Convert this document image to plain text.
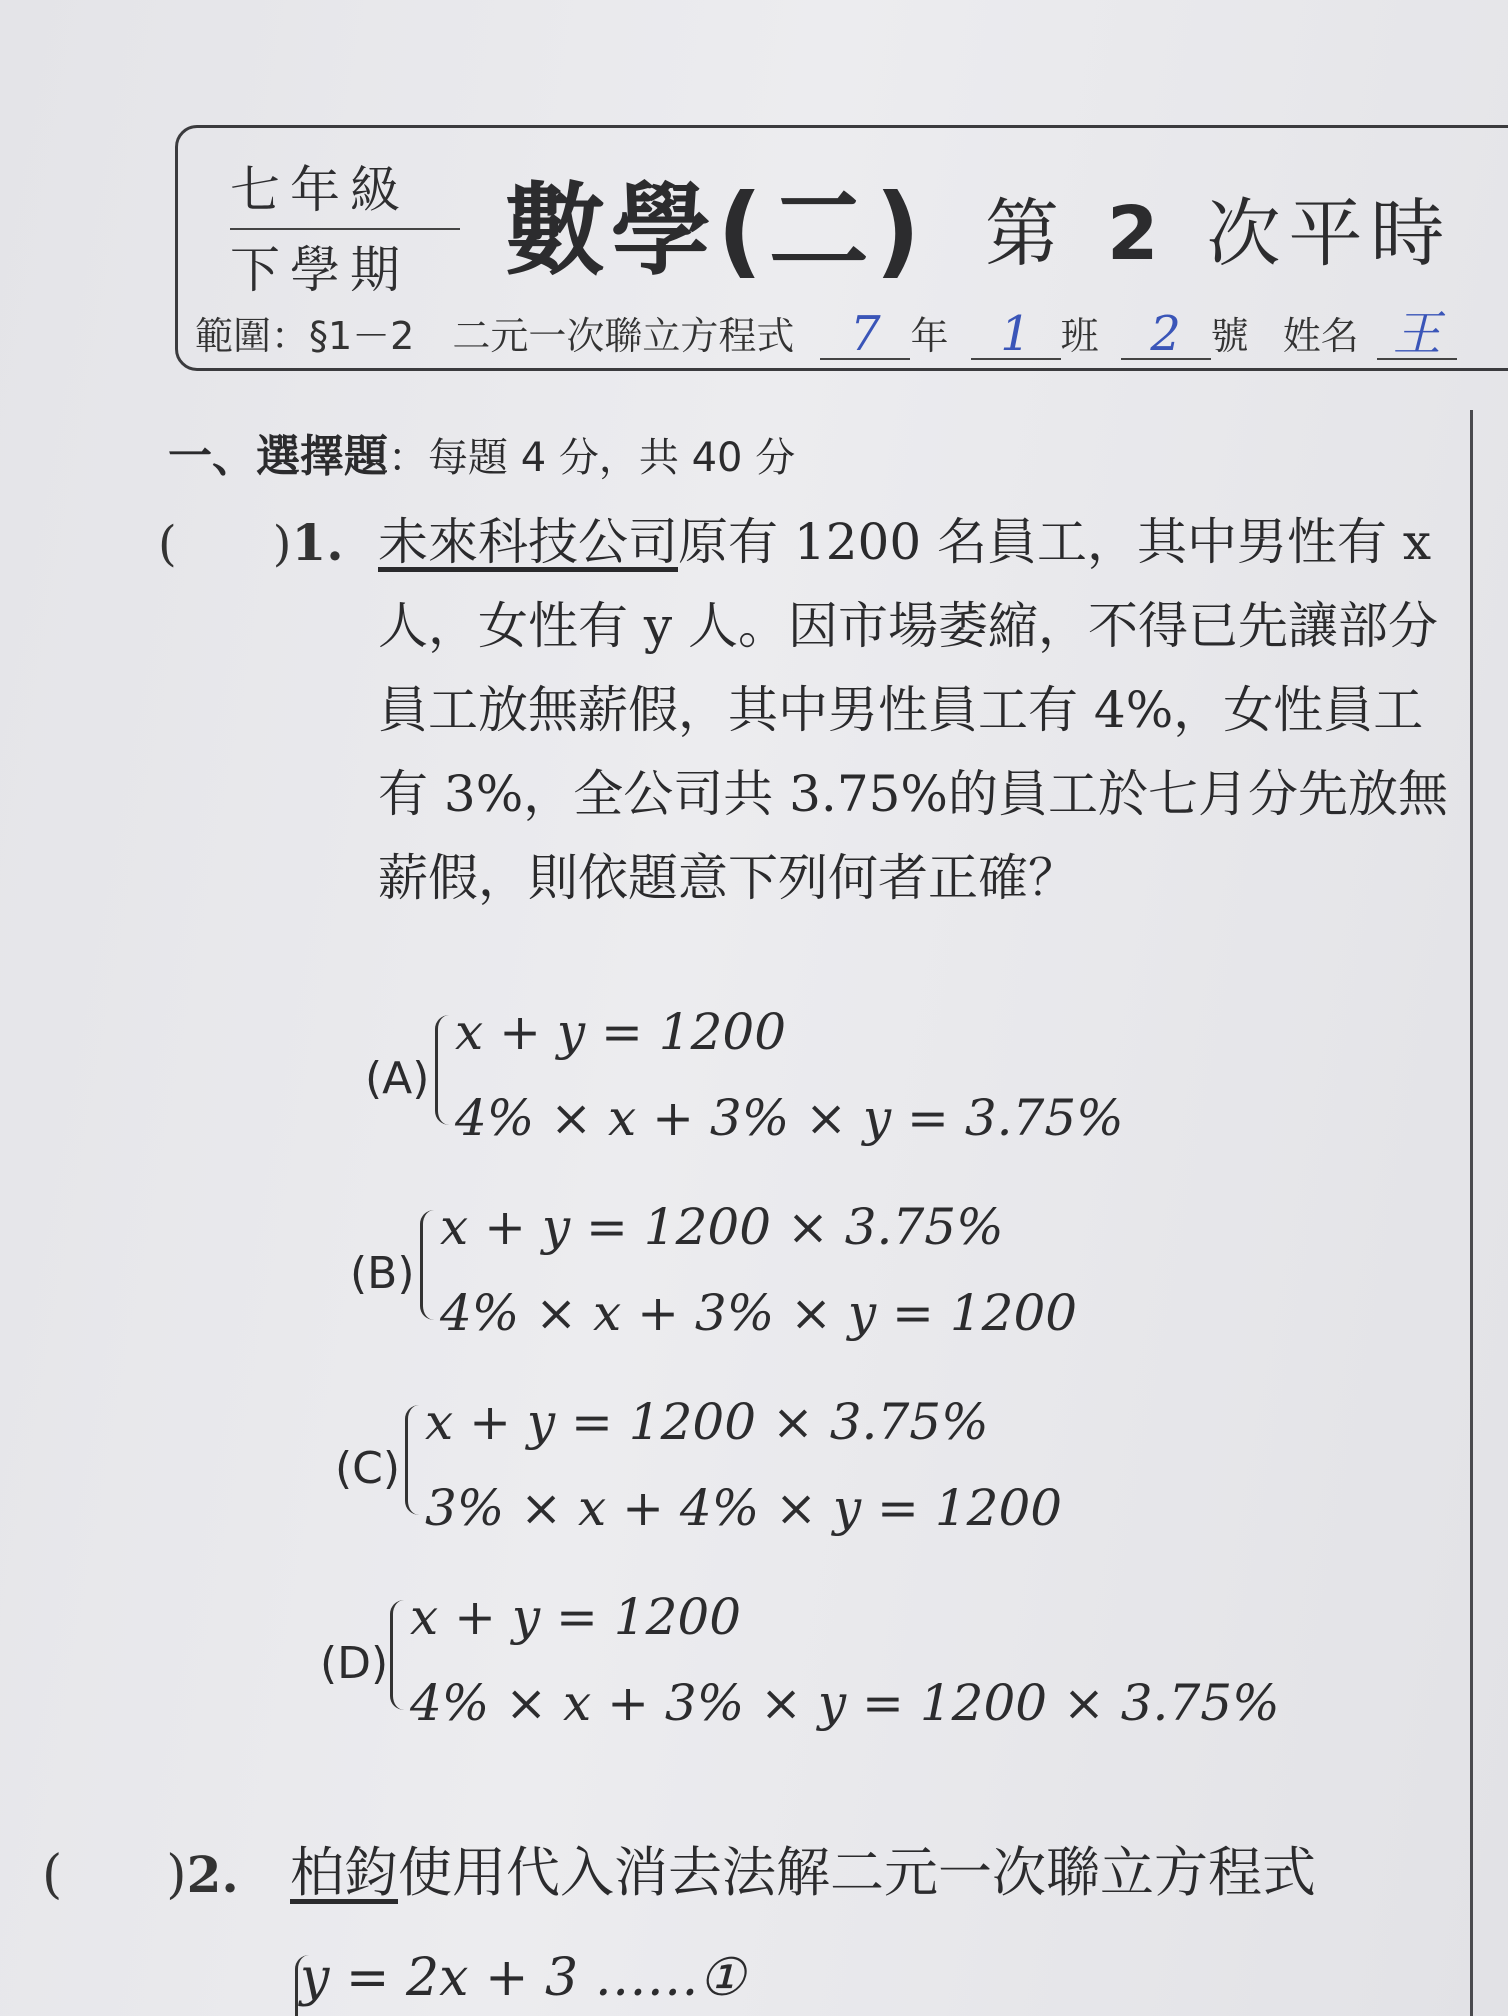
七年級
下學期 數學(二) 第 2 次平時
範圍：§1－2　二元一次聯立方程式 7 年 1 班 2 號 姓名 王
一、選擇題：每題 4 分，共 40 分
(　　)1. 未來科技公司原有 1200 名員工，其中男性有 x 人，女性有 y 人。因市場萎縮，不得已先讓部分員工放無薪假，其中男性員工有 4%，女性員工有 3%，全公司共 3.75%的員工於七月分先放無薪假，則依題意下列何者正確？
(A)
x + y = 1200
4% × x + 3% × y = 3.75%
(B)
x + y = 1200 × 3.75%
4% × x + 3% × y = 1200
(C)
x + y = 1200 × 3.75%
3% × x + 4% × y = 1200
(D)
x + y = 1200
4% × x + 3% × y = 1200 × 3.75%
(　　)2. 柏鈞使用代入消去法解二元一次聯立方程式
y = 2x + 3 ……①
